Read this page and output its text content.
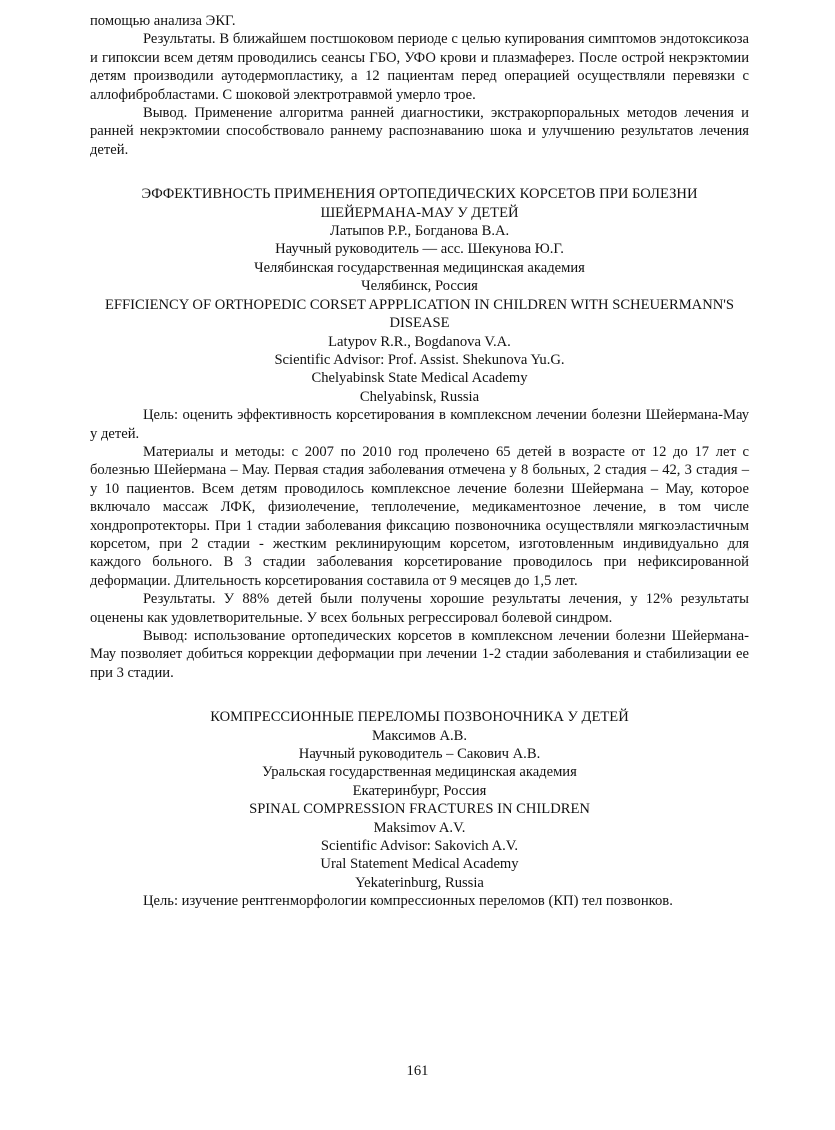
помощью анализа ЭКГ.

Результаты. В ближайшем постшоковом периоде с целью купирования симптомов эндотоксикоза и гипоксии всем детям проводились сеансы ГБО, УФО крови и плазмаферез. После острой некрэктомии детям производили аутодермопластику, а 12 пациентам перед операцией осуществляли перевязки с аллофибробластами. С шоковой электротравмой умерло трое.

Вывод. Применение алгоритма ранней диагностики, экстракорпоральных методов лечения и ранней некрэктомии способствовало раннему распознаванию шока и улучшению результатов лечения детей.

ЭФФЕКТИВНОСТЬ ПРИМЕНЕНИЯ ОРТОПЕДИЧЕСКИХ КОРСЕТОВ ПРИ БОЛЕЗНИ ШЕЙЕРМАНА-МАУ У ДЕТЕЙ

Латыпов Р.Р., Богданова В.А.

Научный руководитель — асс. Шекунова Ю.Г.

Челябинская государственная медицинская академия

Челябинск, Россия

EFFICIENCY OF ORTHOPEDIC CORSET APPPLICATION IN CHILDREN WITH SCHEUERMANN'S DISEASE

Latypov R.R., Bogdanova V.A.

Scientific Advisor: Prof. Assist. Shekunova Yu.G.

Chelyabinsk State Medical Academy

Chelyabinsk, Russia

Цель: оценить эффективность корсетирования в комплексном лечении болезни Шейермана-Мау у детей.

Материалы и методы: с 2007 по 2010 год пролечено 65 детей в возрасте от 12 до 17 лет с болезнью Шейермана – Мау. Первая стадия заболевания отмечена у 8 больных, 2 стадия – 42, 3 стадия – у 10 пациентов. Всем детям проводилось комплексное лечение болезни Шейермана – Мау, которое включало массаж ЛФК, физиолечение, теплолечение, медикаментозное лечение, в том числе хондропротекторы. При 1 стадии заболевания фиксацию позвоночника осуществляли мягкоэластичным корсетом, при 2 стадии - жестким реклинирующим корсетом, изготовленным индивидуально для каждого больного. В 3 стадии заболевания корсетирование проводилось при нефиксированной деформации. Длительность корсетирования составила от 9 месяцев до 1,5 лет.

Результаты. У 88% детей были получены хорошие результаты лечения, у 12% результаты оценены как удовлетворительные. У всех больных регрессировал болевой синдром.

Вывод: использование ортопедических корсетов в комплексном лечении болезни Шейермана-Мау позволяет добиться коррекции деформации при лечении 1-2 стадии заболевания и стабилизации ее при 3 стадии.

КОМПРЕССИОННЫЕ ПЕРЕЛОМЫ ПОЗВОНОЧНИКА У ДЕТЕЙ

Максимов А.В.

Научный руководитель – Сакович А.В.

Уральская государственная медицинская академия

Екатеринбург, Россия

SPINAL COMPRESSION FRACTURES IN CHILDREN

Maksimov A.V.

Scientific Advisor: Sakovich A.V.

Ural Statement Medical Academy

Yekaterinburg, Russia

Цель: изучение рентгенморфологии компрессионных переломов (КП) тел позвонков.

161
